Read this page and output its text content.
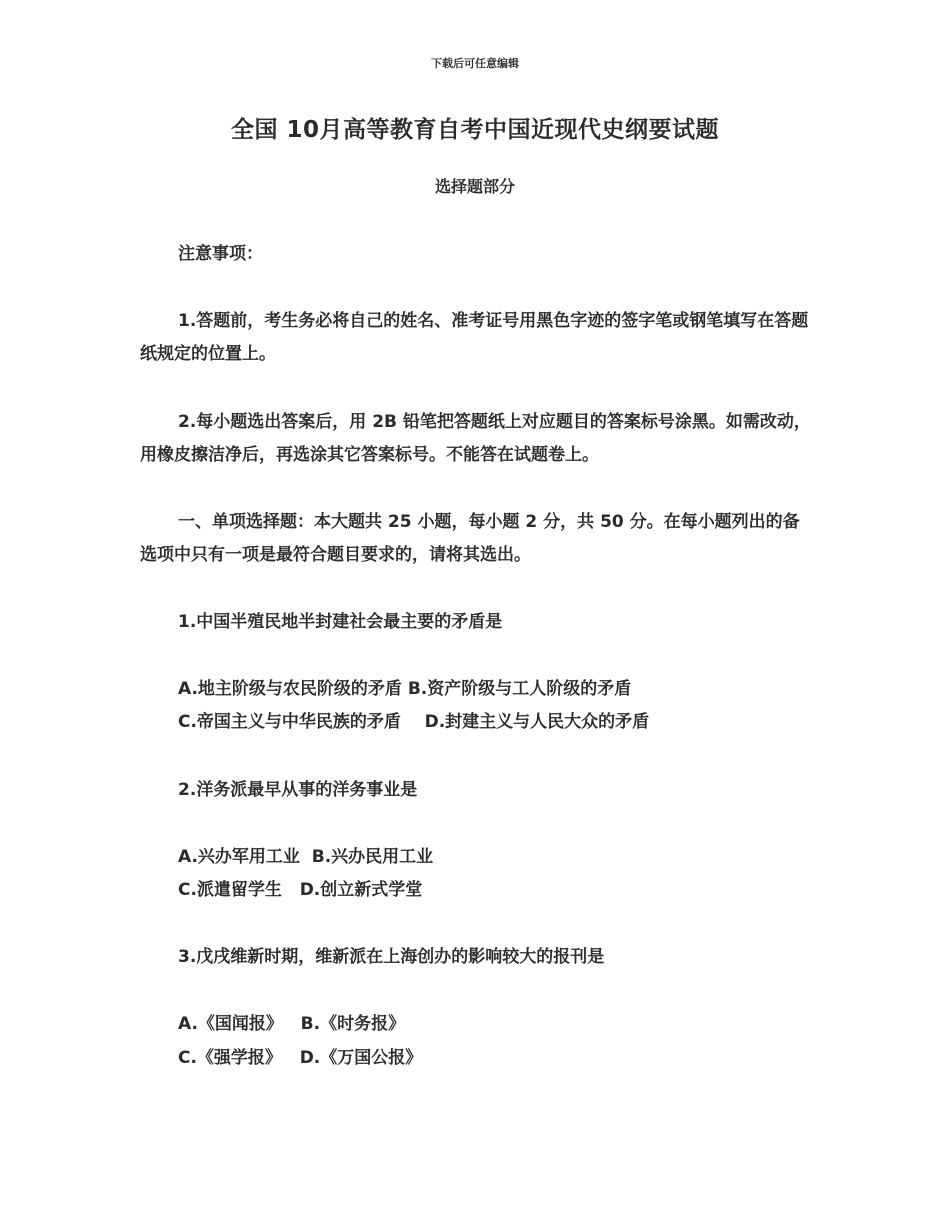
下载后可任意编辑
全国 10月高等教育自考中国近现代史纲要试题
选择题部分
注意事项：

1.答题前，考生务必将自己的姓名、准考证号用黑色字迹的签字笔或钢笔填写在答题纸规定的位置上。

2.每小题选出答案后，用 2B 铅笔把答题纸上对应题目的答案标号涂黑。如需改动，用橡皮擦洁净后，再选涂其它答案标号。不能答在试题卷上。

一、单项选择题：本大题共 25 小题，每小题 2 分，共 50 分。在每小题列出的备选项中只有一项是最符合题目要求的，请将其选出。

1.中国半殖民地半封建社会最主要的矛盾是
A.地主阶级与农民阶级的矛盾 B.资产阶级与工人阶级的矛盾
C.帝国主义与中华民族的矛盾    D.封建主义与人民大众的矛盾
2.洋务派最早从事的洋务事业是
A.兴办军用工业  B.兴办民用工业
C.派遣留学生   D.创立新式学堂
3.戊戌维新时期，维新派在上海创办的影响较大的报刊是
A.《国闻报》   B.《时务报》
C.《强学报》   D.《万国公报》
